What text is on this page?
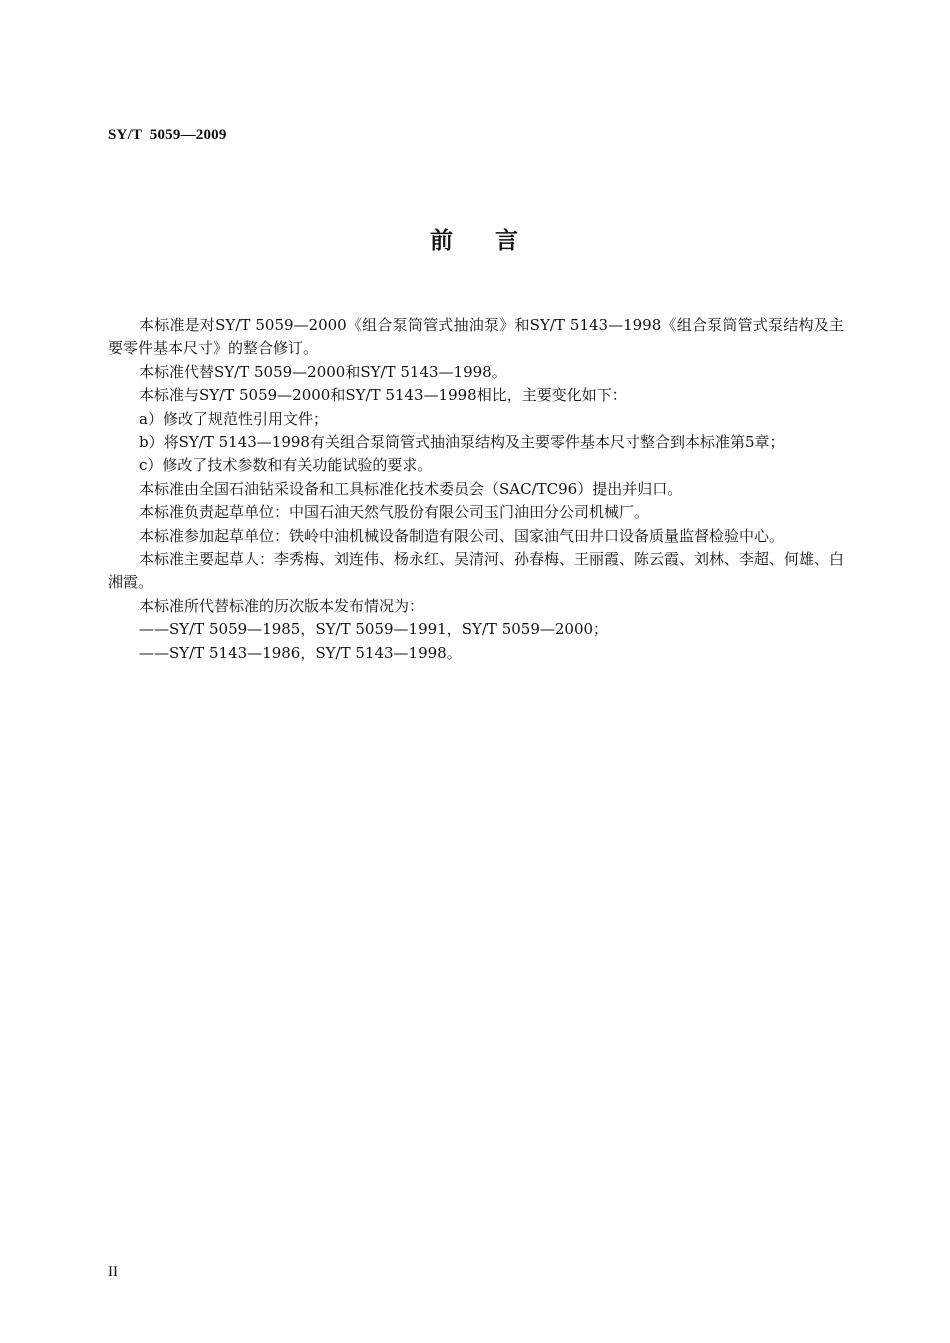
SY/T  5059—2009
前    言

本标准是对SY/T 5059—2000《组合泵筒管式抽油泵》和SY/T 5143—1998《组合泵筒管式泵结构及主要零件基本尺寸》的整合修订。

本标准代替SY/T 5059—2000和SY/T 5143—1998。

本标准与SY/T 5059—2000和SY/T 5143—1998相比，主要变化如下：

a）修改了规范性引用文件；

b）将SY/T 5143—1998有关组合泵筒管式抽油泵结构及主要零件基本尺寸整合到本标准第5章；

c）修改了技术参数和有关功能试验的要求。

本标准由全国石油钻采设备和工具标准化技术委员会（SAC/TC96）提出并归口。

本标准负责起草单位：中国石油天然气股份有限公司玉门油田分公司机械厂。

本标准参加起草单位：铁岭中油机械设备制造有限公司、国家油气田井口设备质量监督检验中心。

本标准主要起草人：李秀梅、刘连伟、杨永红、吴清河、孙春梅、王丽霞、陈云霞、刘林、李超、何雄、白湘霞。

本标准所代替标准的历次版本发布情况为：

——SY/T 5059—1985，SY/T 5059—1991，SY/T 5059—2000；

——SY/T 5143—1986，SY/T 5143—1998。

II
